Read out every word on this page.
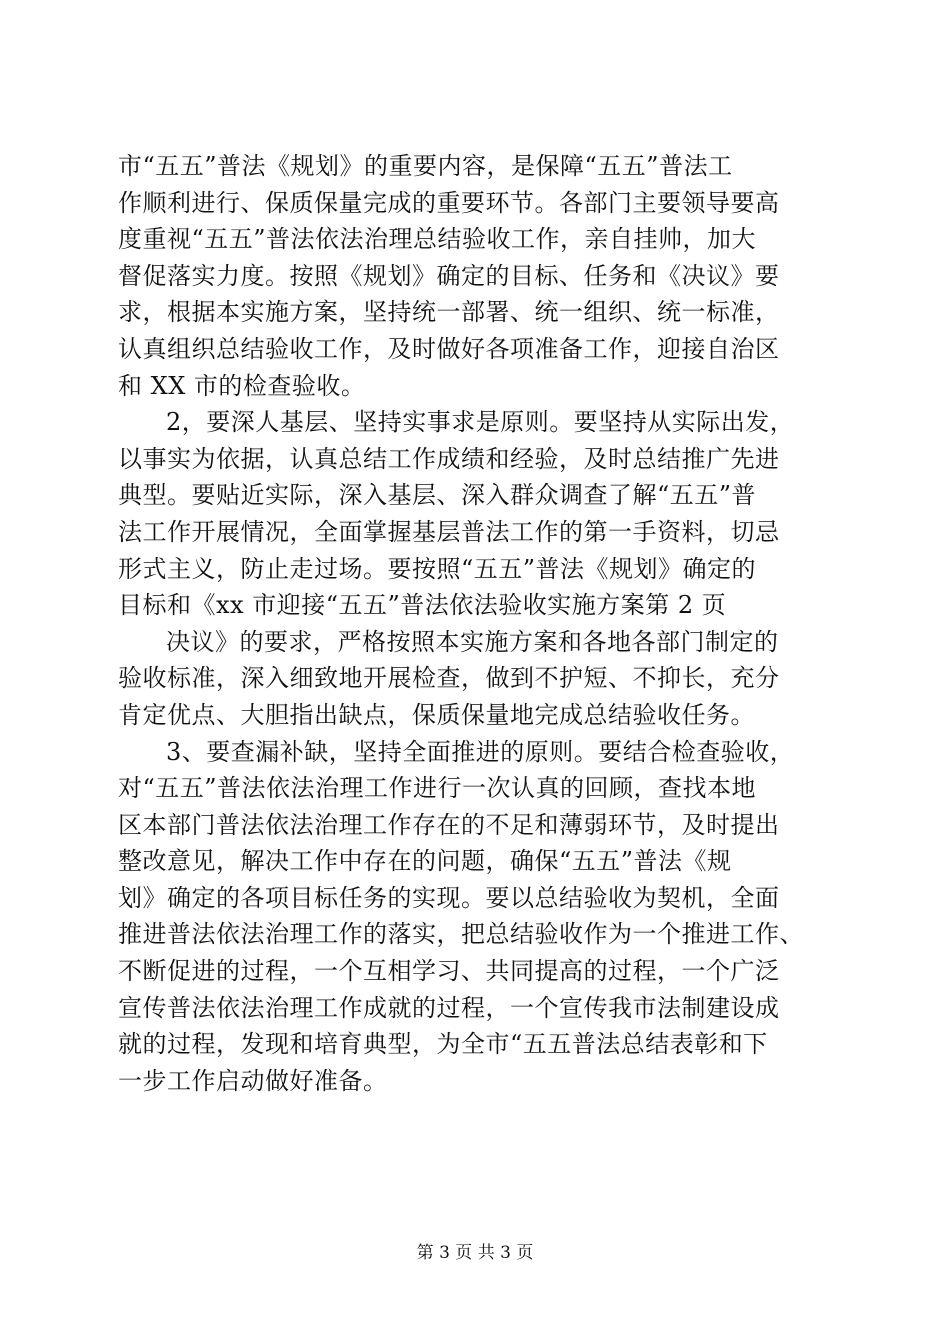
市“五五”普法《规划》的重要内容，是保障“五五”普法工
作顺利进行、保质保量完成的重要环节。各部门主要领导要高
度重视“五五”普法依法治理总结验收工作，亲自挂帅，加大
督促落实力度。按照《规划》确定的目标、任务和《决议》要
求，根据本实施方案，坚持统一部署、统一组织、统一标准，
认真组织总结验收工作，及时做好各项准备工作，迎接自治区
和 XX 市的检查验收。
2，要深人基层、坚持实事求是原则。要坚持从实际出发，
以事实为依据，认真总结工作成绩和经验，及时总结推广先进
典型。要贴近实际，深入基层、深入群众调查了解“五五”普
法工作开展情况，全面掌握基层普法工作的第一手资料，切忌
形式主义，防止走过场。要按照“五五”普法《规划》确定的
目标和《xx 市迎接“五五”普法依法验收实施方案第 2 页
决议》的要求，严格按照本实施方案和各地各部门制定的
验收标准，深入细致地开展检查，做到不护短、不抑长，充分
肯定优点、大胆指出缺点，保质保量地完成总结验收任务。
3、要查漏补缺，坚持全面推进的原则。要结合检查验收，
对“五五”普法依法治理工作进行一次认真的回顾，查找本地
区本部门普法依法治理工作存在的不足和薄弱环节，及时提出
整改意见，解决工作中存在的问题，确保“五五”普法《规
划》确定的各项目标任务的实现。要以总结验收为契机，全面
推进普法依法治理工作的落实，把总结验收作为一个推进工作、
不断促进的过程，一个互相学习、共同提高的过程，一个广泛
宣传普法依法治理工作成就的过程，一个宣传我市法制建设成
就的过程，发现和培育典型，为全市“五五普法总结表彰和下
一步工作启动做好准备。
第 3 页 共 3 页
